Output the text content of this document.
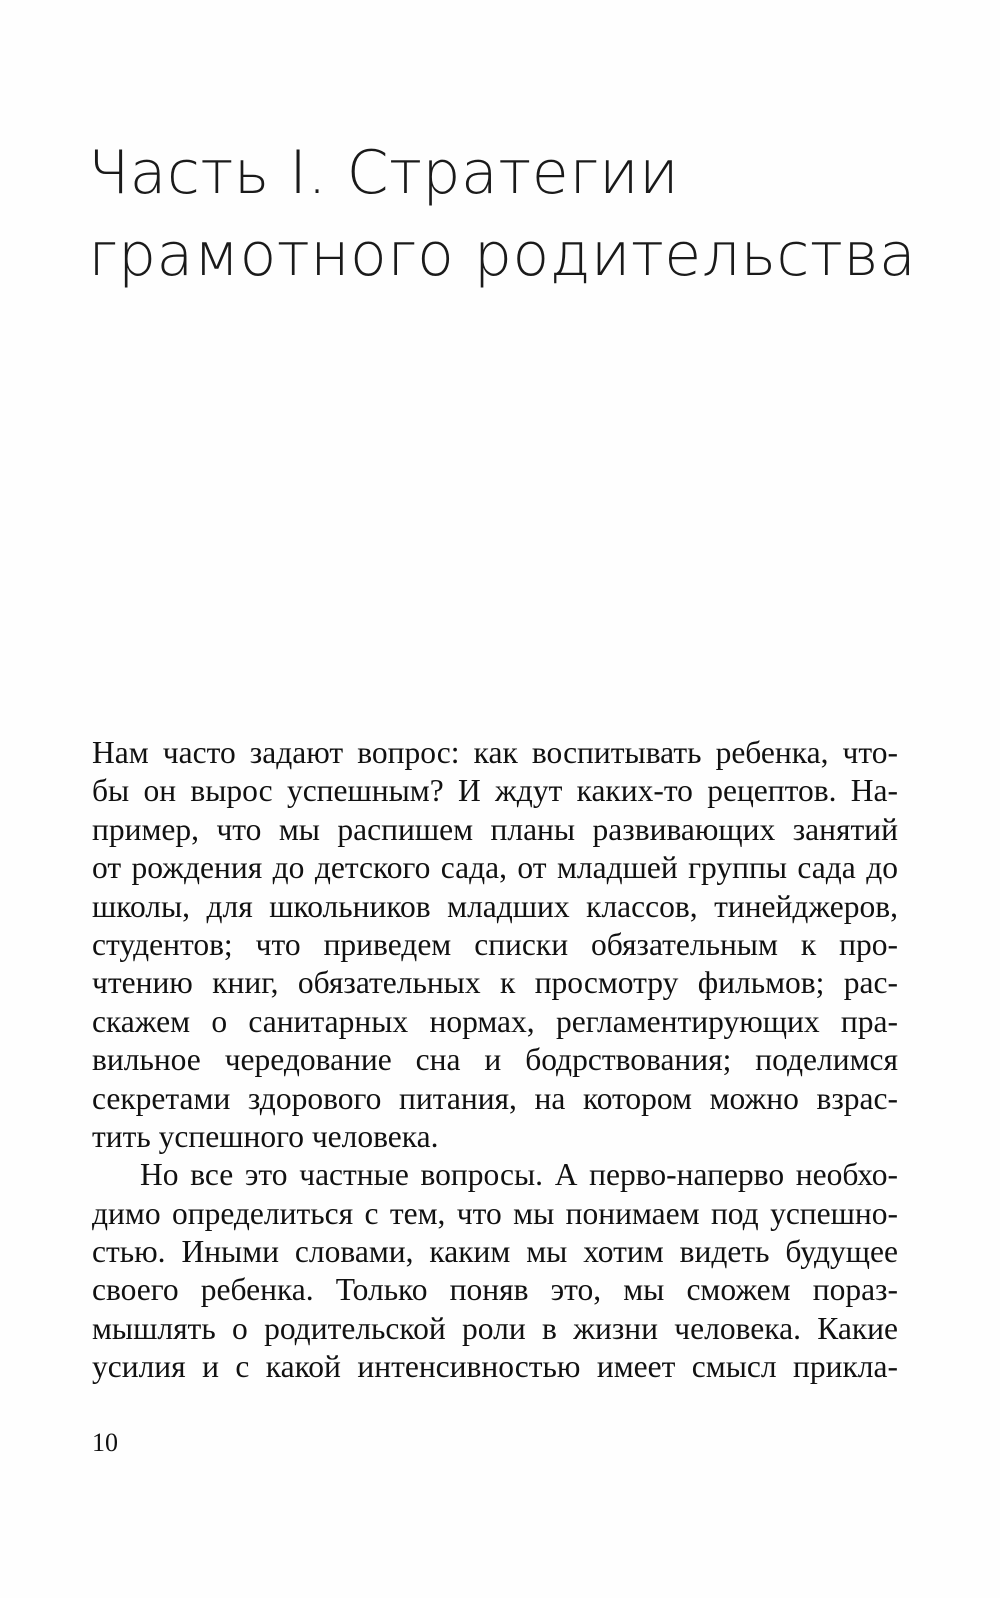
Часть I. Стратегии
грамотного родительства
Нам часто задают вопрос: как воспитывать ребенка, что-
бы он вырос успешным? И ждут каких-то рецептов. На-
пример, что мы распишем планы развивающих занятий
от рождения до детского сада, от младшей группы сада до
школы, для школьников младших классов, тинейджеров,
студентов; что приведем списки обязательным к про-
чтению книг, обязательных к просмотру фильмов; рас-
скажем о санитарных нормах, регламентирующих пра-
вильное чередование сна и бодрствования; поделимся
секретами здорового питания, на котором можно взрас-
тить успешного человека.
Но все это частные вопросы. А перво-наперво необхо-
димо определиться с тем, что мы понимаем под успешно-
стью. Иными словами, каким мы хотим видеть будущее
своего ребенка. Только поняв это, мы сможем пораз-
мышлять о родительской роли в жизни человека. Какие
усилия и с какой интенсивностью имеет смысл прикла-
10
